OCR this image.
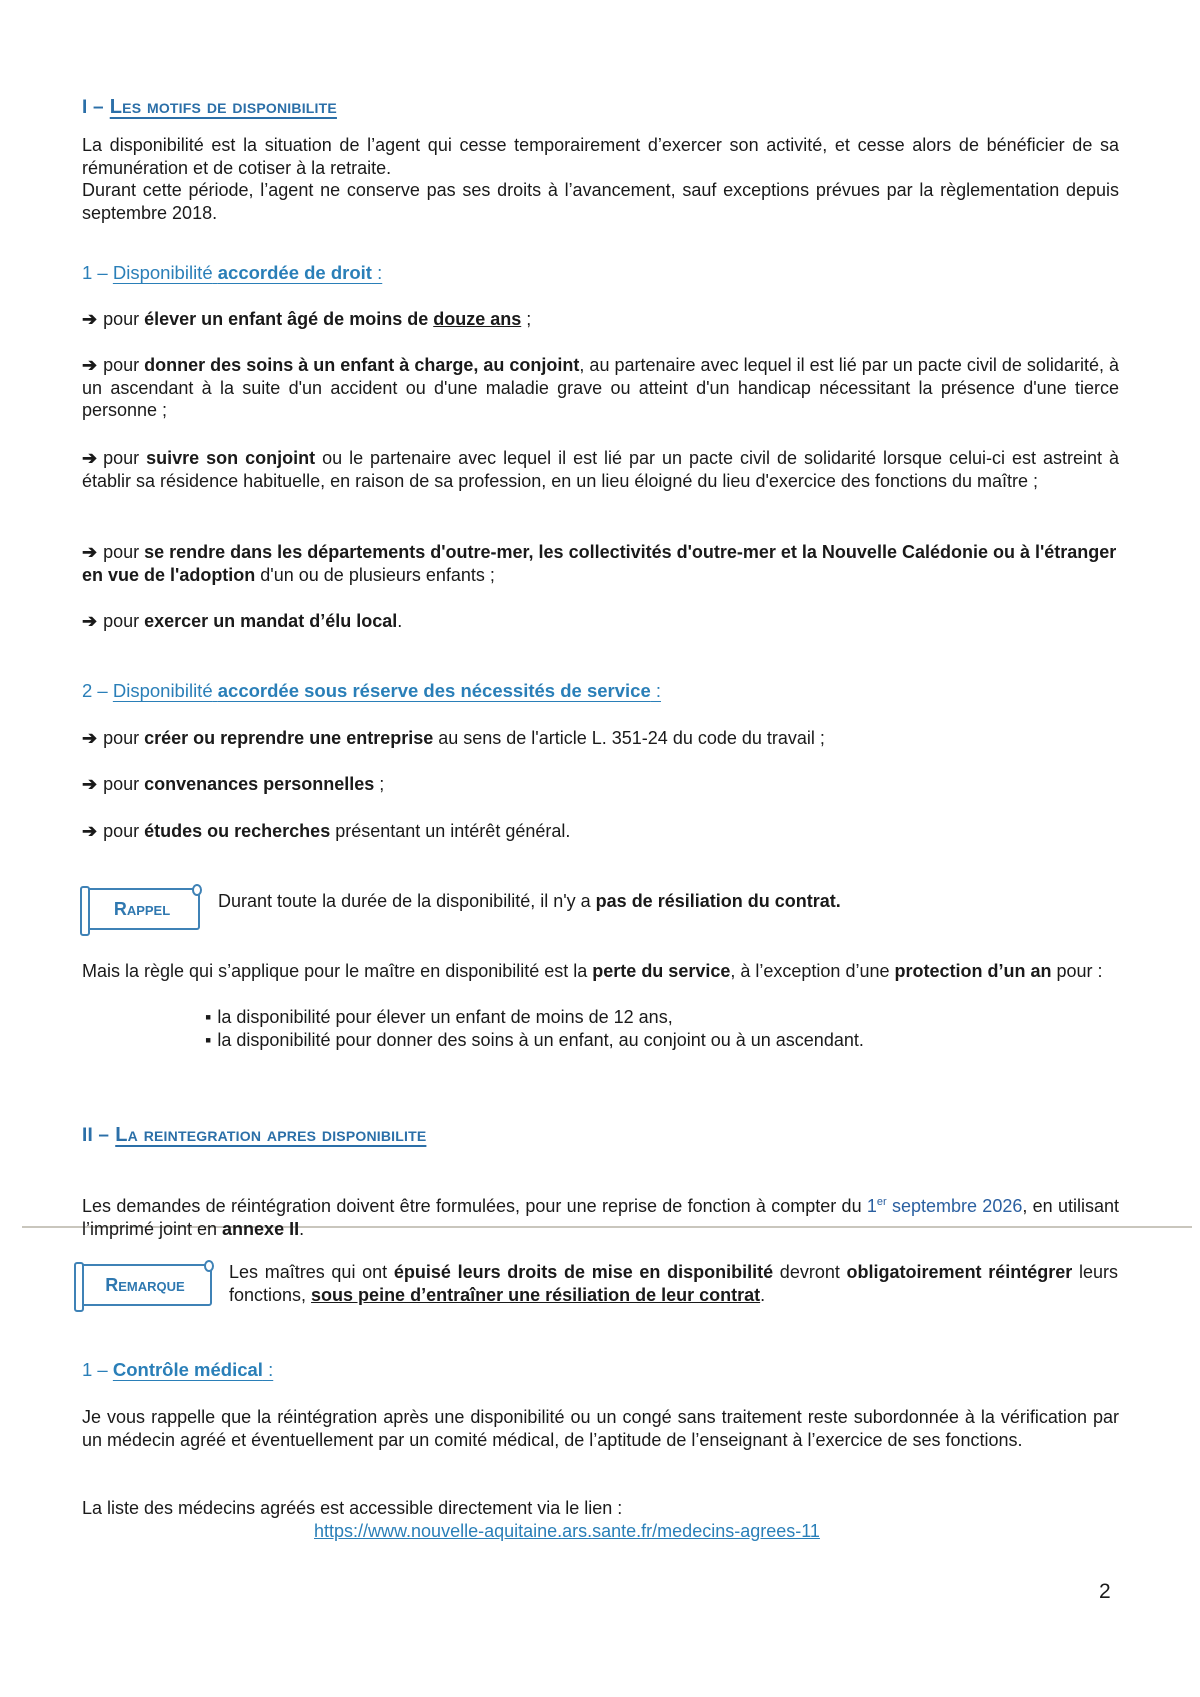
I – Les motifs de disponibilite
La disponibilité est la situation de l’agent qui cesse temporairement d’exercer son activité, et cesse alors de bénéficier de sa rémunération et de cotiser à la retraite.
Durant cette période, l’agent ne conserve pas ses droits à l’avancement, sauf exceptions prévues par la règlementation depuis septembre 2018.
1 – Disponibilité accordée de droit :
➔ pour élever un enfant âgé de moins de douze ans ;
➔ pour donner des soins à un enfant à charge, au conjoint, au partenaire avec lequel il est lié par un pacte civil de solidarité, à un ascendant à la suite d'un accident ou d'une maladie grave ou atteint d'un handicap nécessitant la présence d'une tierce personne ;
➔ pour suivre son conjoint ou le partenaire avec lequel il est lié par un pacte civil de solidarité lorsque celui-ci est astreint à établir sa résidence habituelle, en raison de sa profession, en un lieu éloigné du lieu d'exercice des fonctions du maître ;
➔ pour se rendre dans les départements d'outre-mer, les collectivités d'outre-mer et la Nouvelle Calédonie ou à l'étranger en vue de l'adoption d'un ou de plusieurs enfants ;
➔ pour exercer un mandat d’élu local.
2 – Disponibilité accordée sous réserve des nécessités de service :
➔ pour créer ou reprendre une entreprise au sens de l'article L. 351-24 du code du travail ;
➔ pour convenances personnelles ;
➔ pour études ou recherches présentant un intérêt général.
Rappel	Durant toute la durée de la disponibilité, il n'y a pas de résiliation du contrat.
Mais la règle qui s’applique pour le maître en disponibilité est la perte du service, à l’exception d’une protection d’un an pour :
▪ la disponibilité pour élever un enfant de moins de 12 ans,
▪ la disponibilité pour donner des soins à un enfant, au conjoint ou à un ascendant.
II – La reintegration apres disponibilite
Les demandes de réintégration doivent être formulées, pour une reprise de fonction à compter du 1er septembre 2026, en utilisant l’imprimé joint en annexe II.
Remarque
Les maîtres qui ont épuisé leurs droits de mise en disponibilité devront obligatoirement réintégrer leurs fonctions, sous peine d’entraîner une résiliation de leur contrat.
1 – Contrôle médical :
Je vous rappelle que la réintégration après une disponibilité ou un congé sans traitement reste subordonnée à la vérification par un médecin agréé et éventuellement par un comité médical, de l’aptitude de l’enseignant à l’exercice de ses fonctions.
La liste des médecins agréés est accessible directement via le lien :
https://www.nouvelle-aquitaine.ars.sante.fr/medecins-agrees-11
2
